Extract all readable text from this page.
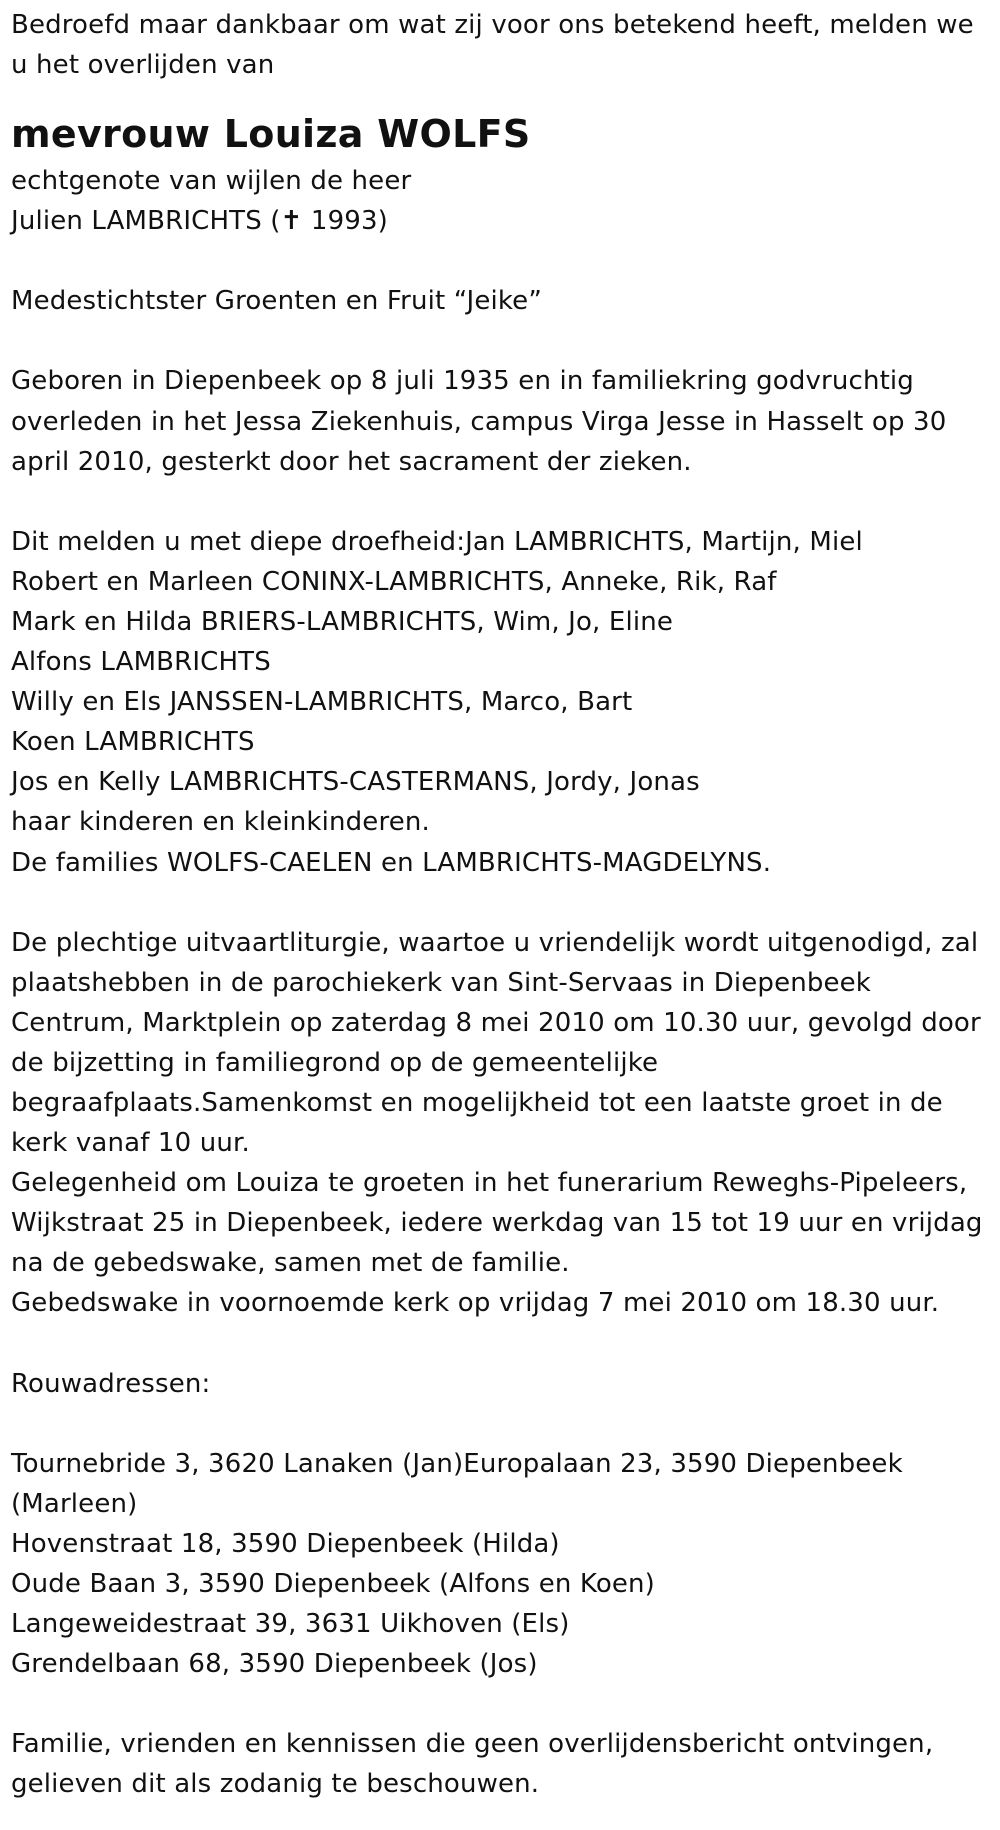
Bedroefd maar dankbaar om wat zij voor ons betekend heeft, melden we
u het overlijden van
mevrouw Louiza WOLFS
echtgenote van wijlen de heer
Julien LAMBRICHTS (✝ 1993)
Medestichtster Groenten en Fruit “Jeike”
Geboren in Diepenbeek op 8 juli 1935 en in familiekring godvruchtig
overleden in het Jessa Ziekenhuis, campus Virga Jesse in Hasselt op 30
april 2010, gesterkt door het sacrament der zieken.
Dit melden u met diepe droefheid:Jan LAMBRICHTS, Martijn, Miel
Robert en Marleen CONINX-LAMBRICHTS, Anneke, Rik, Raf
Mark en Hilda BRIERS-LAMBRICHTS, Wim, Jo, Eline
Alfons LAMBRICHTS
Willy en Els JANSSEN-LAMBRICHTS, Marco, Bart
Koen LAMBRICHTS
Jos en Kelly LAMBRICHTS-CASTERMANS, Jordy, Jonas
haar kinderen en kleinkinderen.
De families WOLFS-CAELEN en LAMBRICHTS-MAGDELYNS.
De plechtige uitvaartliturgie, waartoe u vriendelijk wordt uitgenodigd, zal
plaatshebben in de parochiekerk van Sint-Servaas in Diepenbeek
Centrum, Marktplein op zaterdag 8 mei 2010 om 10.30 uur, gevolgd door
de bijzetting in familiegrond op de gemeentelijke
begraafplaats.Samenkomst en mogelijkheid tot een laatste groet in de
kerk vanaf 10 uur.
Gelegenheid om Louiza te groeten in het funerarium Reweghs-Pipeleers,
Wijkstraat 25 in Diepenbeek, iedere werkdag van 15 tot 19 uur en vrijdag
na de gebedswake, samen met de familie.
Gebedswake in voornoemde kerk op vrijdag 7 mei 2010 om 18.30 uur.
Rouwadressen:
Tournebride 3, 3620 Lanaken (Jan)Europalaan 23, 3590 Diepenbeek
(Marleen)
Hovenstraat 18, 3590 Diepenbeek (Hilda)
Oude Baan 3, 3590 Diepenbeek (Alfons en Koen)
Langeweidestraat 39, 3631 Uikhoven (Els)
Grendelbaan 68, 3590 Diepenbeek (Jos)
Familie, vrienden en kennissen die geen overlijdensbericht ontvingen,
gelieven dit als zodanig te beschouwen.
